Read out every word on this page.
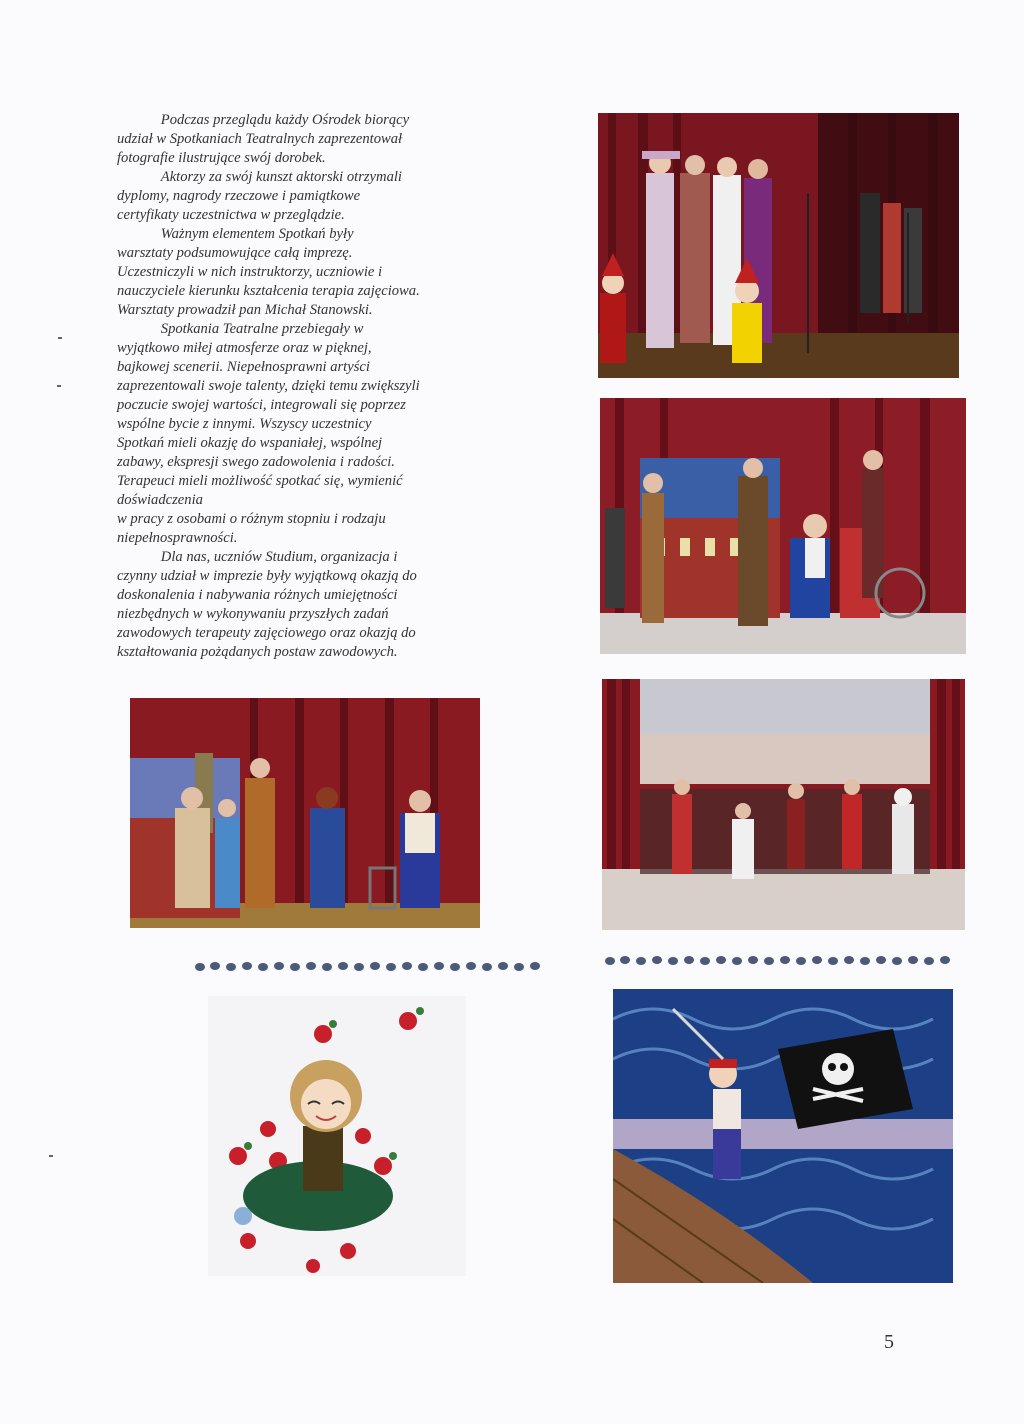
Podczas przeglądu każdy Ośrodek biorący
udział w Spotkaniach Teatralnych zaprezentował
fotografie ilustrujące swój dorobek.

Aktorzy za swój kunszt aktorski otrzymali
dyplomy, nagrody rzeczowe i pamiątkowe
certyfikaty uczestnictwa w przeglądzie.

Ważnym elementem Spotkań były
warsztaty podsumowujące całą imprezę.
Uczestniczyli w nich instruktorzy, uczniowie i
nauczyciele kierunku kształcenia terapia zajęciowa.
Warsztaty prowadził pan Michał Stanowski.

Spotkania Teatralne przebiegały w
wyjątkowo miłej atmosferze oraz w pięknej,
bajkowej scenerii. Niepełnosprawni artyści
zaprezentowali swoje talenty, dzięki temu zwiększyli
poczucie swojej wartości, integrowali się poprzez
wspólne bycie z innymi. Wszyscy uczestnicy
Spotkań mieli okazję do wspaniałej, wspólnej
zabawy, ekspresji swego zadowolenia i radości.
Terapeuci mieli możliwość spotkać się, wymienić
doświadczenia
w pracy z osobami o różnym stopniu i rodzaju
niepełnosprawności.

Dla nas, uczniów Studium, organizacja i
czynny udział w imprezie były wyjątkową okazją do
doskonalenia i nabywania różnych umiejętności
niezbędnych w wykonywaniu przyszłych zadań
zawodowych terapeuty zajęciowego oraz okazją do
kształtowania pożądanych postaw zawodowych.

5
